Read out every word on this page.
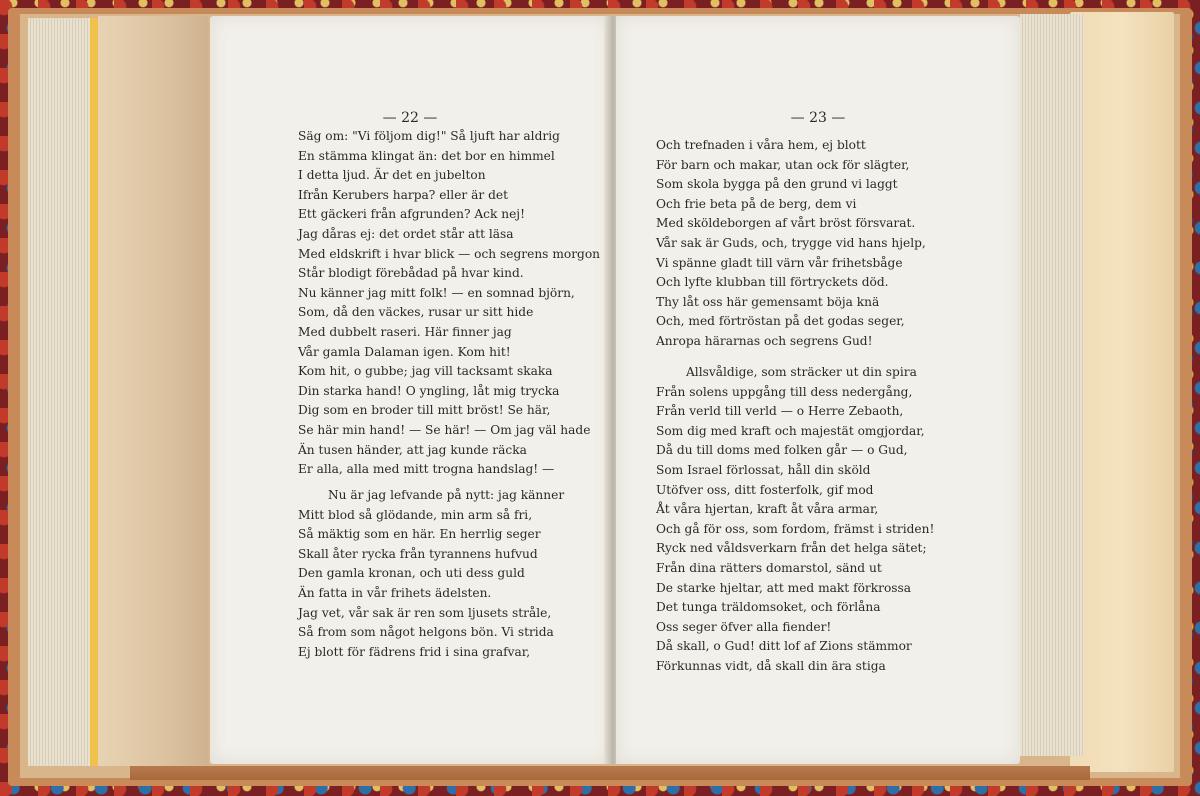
— 22 —
Säg om: "Vi följom dig!" Så ljuft har aldrig
En stämma klingat än: det bor en himmel
I detta ljud. Är det en jubelton
Ifrån Kerubers harpa? eller är det
Ett gäckeri från afgrunden? Ack nej!
Jag dåras ej: det ordet står att läsa
Med eldskrift i hvar blick — och segrens morgon
Står blodigt förebådad på hvar kind.
Nu känner jag mitt folk! — en somnad björn,
Som, då den väckes, rusar ur sitt hide
Med dubbelt raseri. Här finner jag
Vår gamla Dalaman igen. Kom hit!
Kom hit, o gubbe; jag vill tacksamt skaka
Din starka hand! O yngling, låt mig trycka
Dig som en broder till mitt bröst! Se här,
Se här min hand! — Se här! — Om jag väl hade
Än tusen händer, att jag kunde räcka
Er alla, alla med mitt trogna handslag! —
Nu är jag lefvande på nytt: jag känner
Mitt blod så glödande, min arm så fri,
Så mäktig som en här. En herrlig seger
Skall åter rycka från tyrannens hufvud
Den gamla kronan, och uti dess guld
Än fatta in vår frihets ädelsten.
Jag vet, vår sak är ren som ljusets stråle,
Så from som något helgons bön. Vi strida
Ej blott för fädrens frid i sina grafvar,
— 23 —
Och trefnaden i våra hem, ej blott
För barn och makar, utan ock för slägter,
Som skola bygga på den grund vi laggt
Och frie beta på de berg, dem vi
Med sköldeborgen af vårt bröst försvarat.
Vår sak är Guds, och, trygge vid hans hjelp,
Vi spänne gladt till värn vår frihetsbåge
Och lyfte klubban till förtryckets död.
Thy låt oss här gemensamt böja knä
Och, med förtröstan på det godas seger,
Anropa härarnas och segrens Gud!
Allsvåldige, som sträcker ut din spira
Från solens uppgång till dess nedergång,
Från verld till verld — o Herre Zebaoth,
Som dig med kraft och majestät omgjordar,
Då du till doms med folken går — o Gud,
Som Israel förlossat, håll din sköld
Utöfver oss, ditt fosterfolk, gif mod
Åt våra hjertan, kraft åt våra armar,
Och gå för oss, som fordom, främst i striden!
Ryck ned våldsverkarn från det helga sätet;
Från dina rätters domarstol, sänd ut
De starke hjeltar, att med makt förkrossa
Det tunga träldomsoket, och förlåna
Oss seger öfver alla fiender!
Då skall, o Gud! ditt lof af Zions stämmor
Förkunnas vidt, då skall din ära stiga
